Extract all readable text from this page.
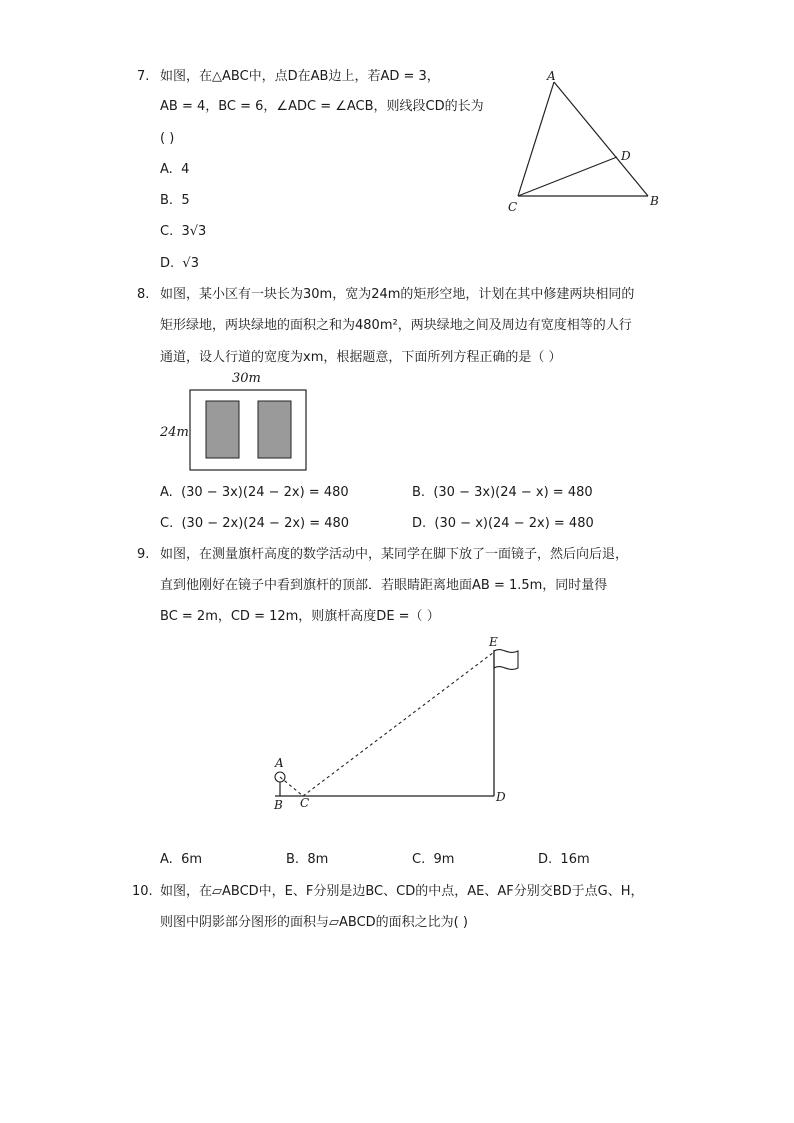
7. 如图，在△ABC中，点D在AB边上，若AD = 3，
AB = 4，BC = 6，∠ADC = ∠ACB，则线段CD的长为
( )
A. 4
B. 5
C. 3√3
D. √3
A
B
C
D
8. 如图，某小区有一块长为30m，宽为24m的矩形空地，计划在其中修建两块相同的
矩形绿地，两块绿地的面积之和为480m²，两块绿地之间及周边有宽度相等的人行
通道，设人行道的宽度为xm，根据题意，下面所列方程正确的是（ ）
30m
24m
A. (30 − 3x)(24 − 2x) = 480	B. (30 − 3x)(24 − x) = 480
C. (30 − 2x)(24 − 2x) = 480	D. (30 − x)(24 − 2x) = 480
9. 如图，在测量旗杆高度的数学活动中，某同学在脚下放了一面镜子，然后向后退，
直到他刚好在镜子中看到旗杆的顶部．若眼睛距离地面AB = 1.5m，同时量得
BC = 2m，CD = 12m，则旗杆高度DE =（ ）
A
B C	D
E
A. 6m	B. 8m	C. 9m	D. 16m
10. 如图，在▱ABCD中，E、F分别是边BC、CD的中点，AE、AF分别交BD于点G、H，
则图中阴影部分图形的面积与▱ABCD的面积之比为( )
